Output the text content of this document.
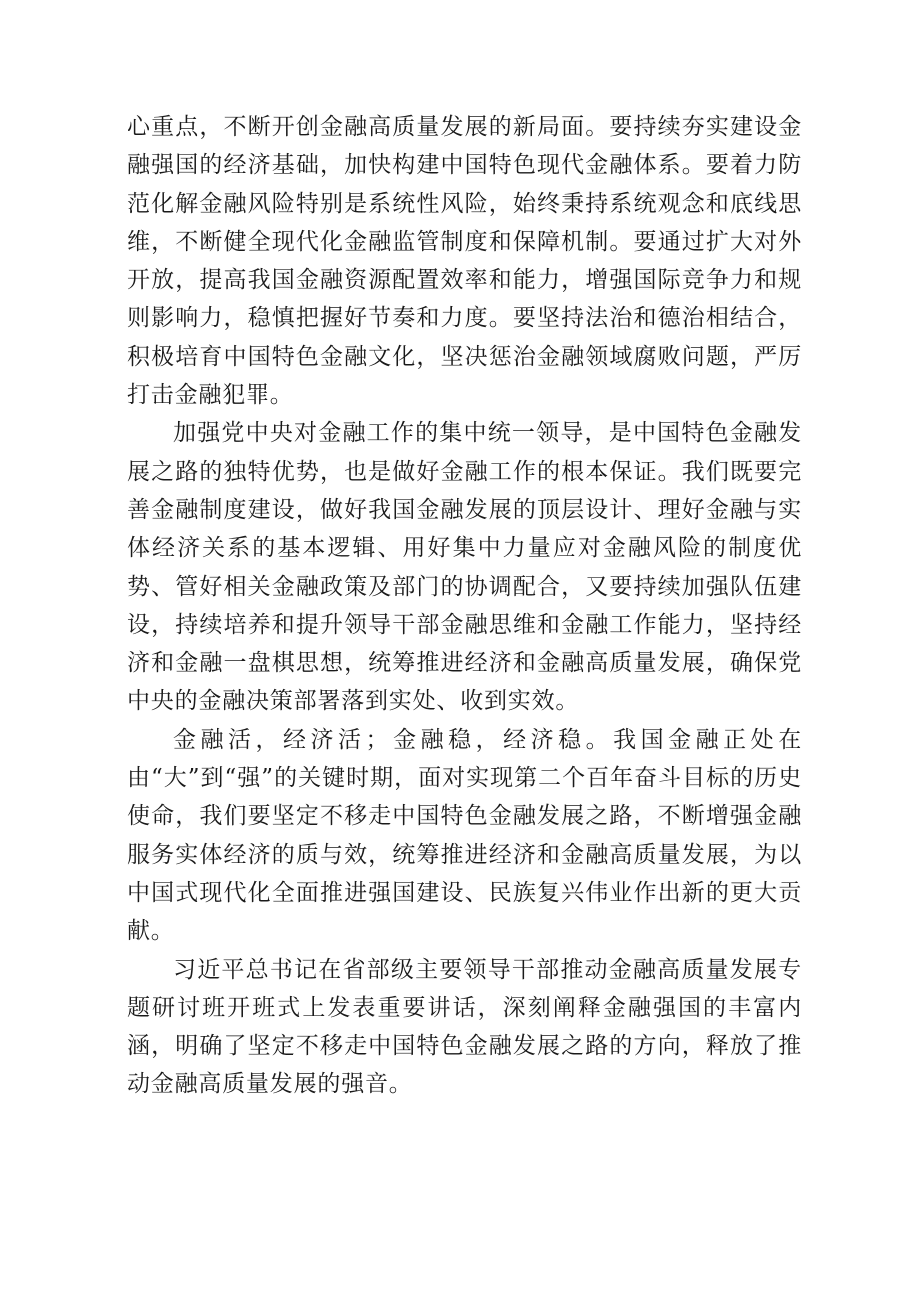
心重点，不断开创金融高质量发展的新局面。要持续夯实建设金融强国的经济基础，加快构建中国特色现代金融体系。要着力防范化解金融风险特别是系统性风险，始终秉持系统观念和底线思维，不断健全现代化金融监管制度和保障机制。要通过扩大对外开放，提高我国金融资源配置效率和能力，增强国际竞争力和规则影响力，稳慎把握好节奏和力度。要坚持法治和德治相结合，积极培育中国特色金融文化，坚决惩治金融领域腐败问题，严厉打击金融犯罪。

加强党中央对金融工作的集中统一领导，是中国特色金融发展之路的独特优势，也是做好金融工作的根本保证。我们既要完善金融制度建设，做好我国金融发展的顶层设计、理好金融与实体经济关系的基本逻辑、用好集中力量应对金融风险的制度优势、管好相关金融政策及部门的协调配合，又要持续加强队伍建设，持续培养和提升领导干部金融思维和金融工作能力，坚持经济和金融一盘棋思想，统筹推进经济和金融高质量发展，确保党中央的金融决策部署落到实处、收到实效。

金融活，经济活；金融稳，经济稳。我国金融正处在由“大”到“强”的关键时期，面对实现第二个百年奋斗目标的历史使命，我们要坚定不移走中国特色金融发展之路，不断增强金融服务实体经济的质与效，统筹推进经济和金融高质量发展，为以中国式现代化全面推进强国建设、民族复兴伟业作出新的更大贡献。

习近平总书记在省部级主要领导干部推动金融高质量发展专题研讨班开班式上发表重要讲话，深刻阐释金融强国的丰富内涵，明确了坚定不移走中国特色金融发展之路的方向，释放了推动金融高质量发展的强音。
